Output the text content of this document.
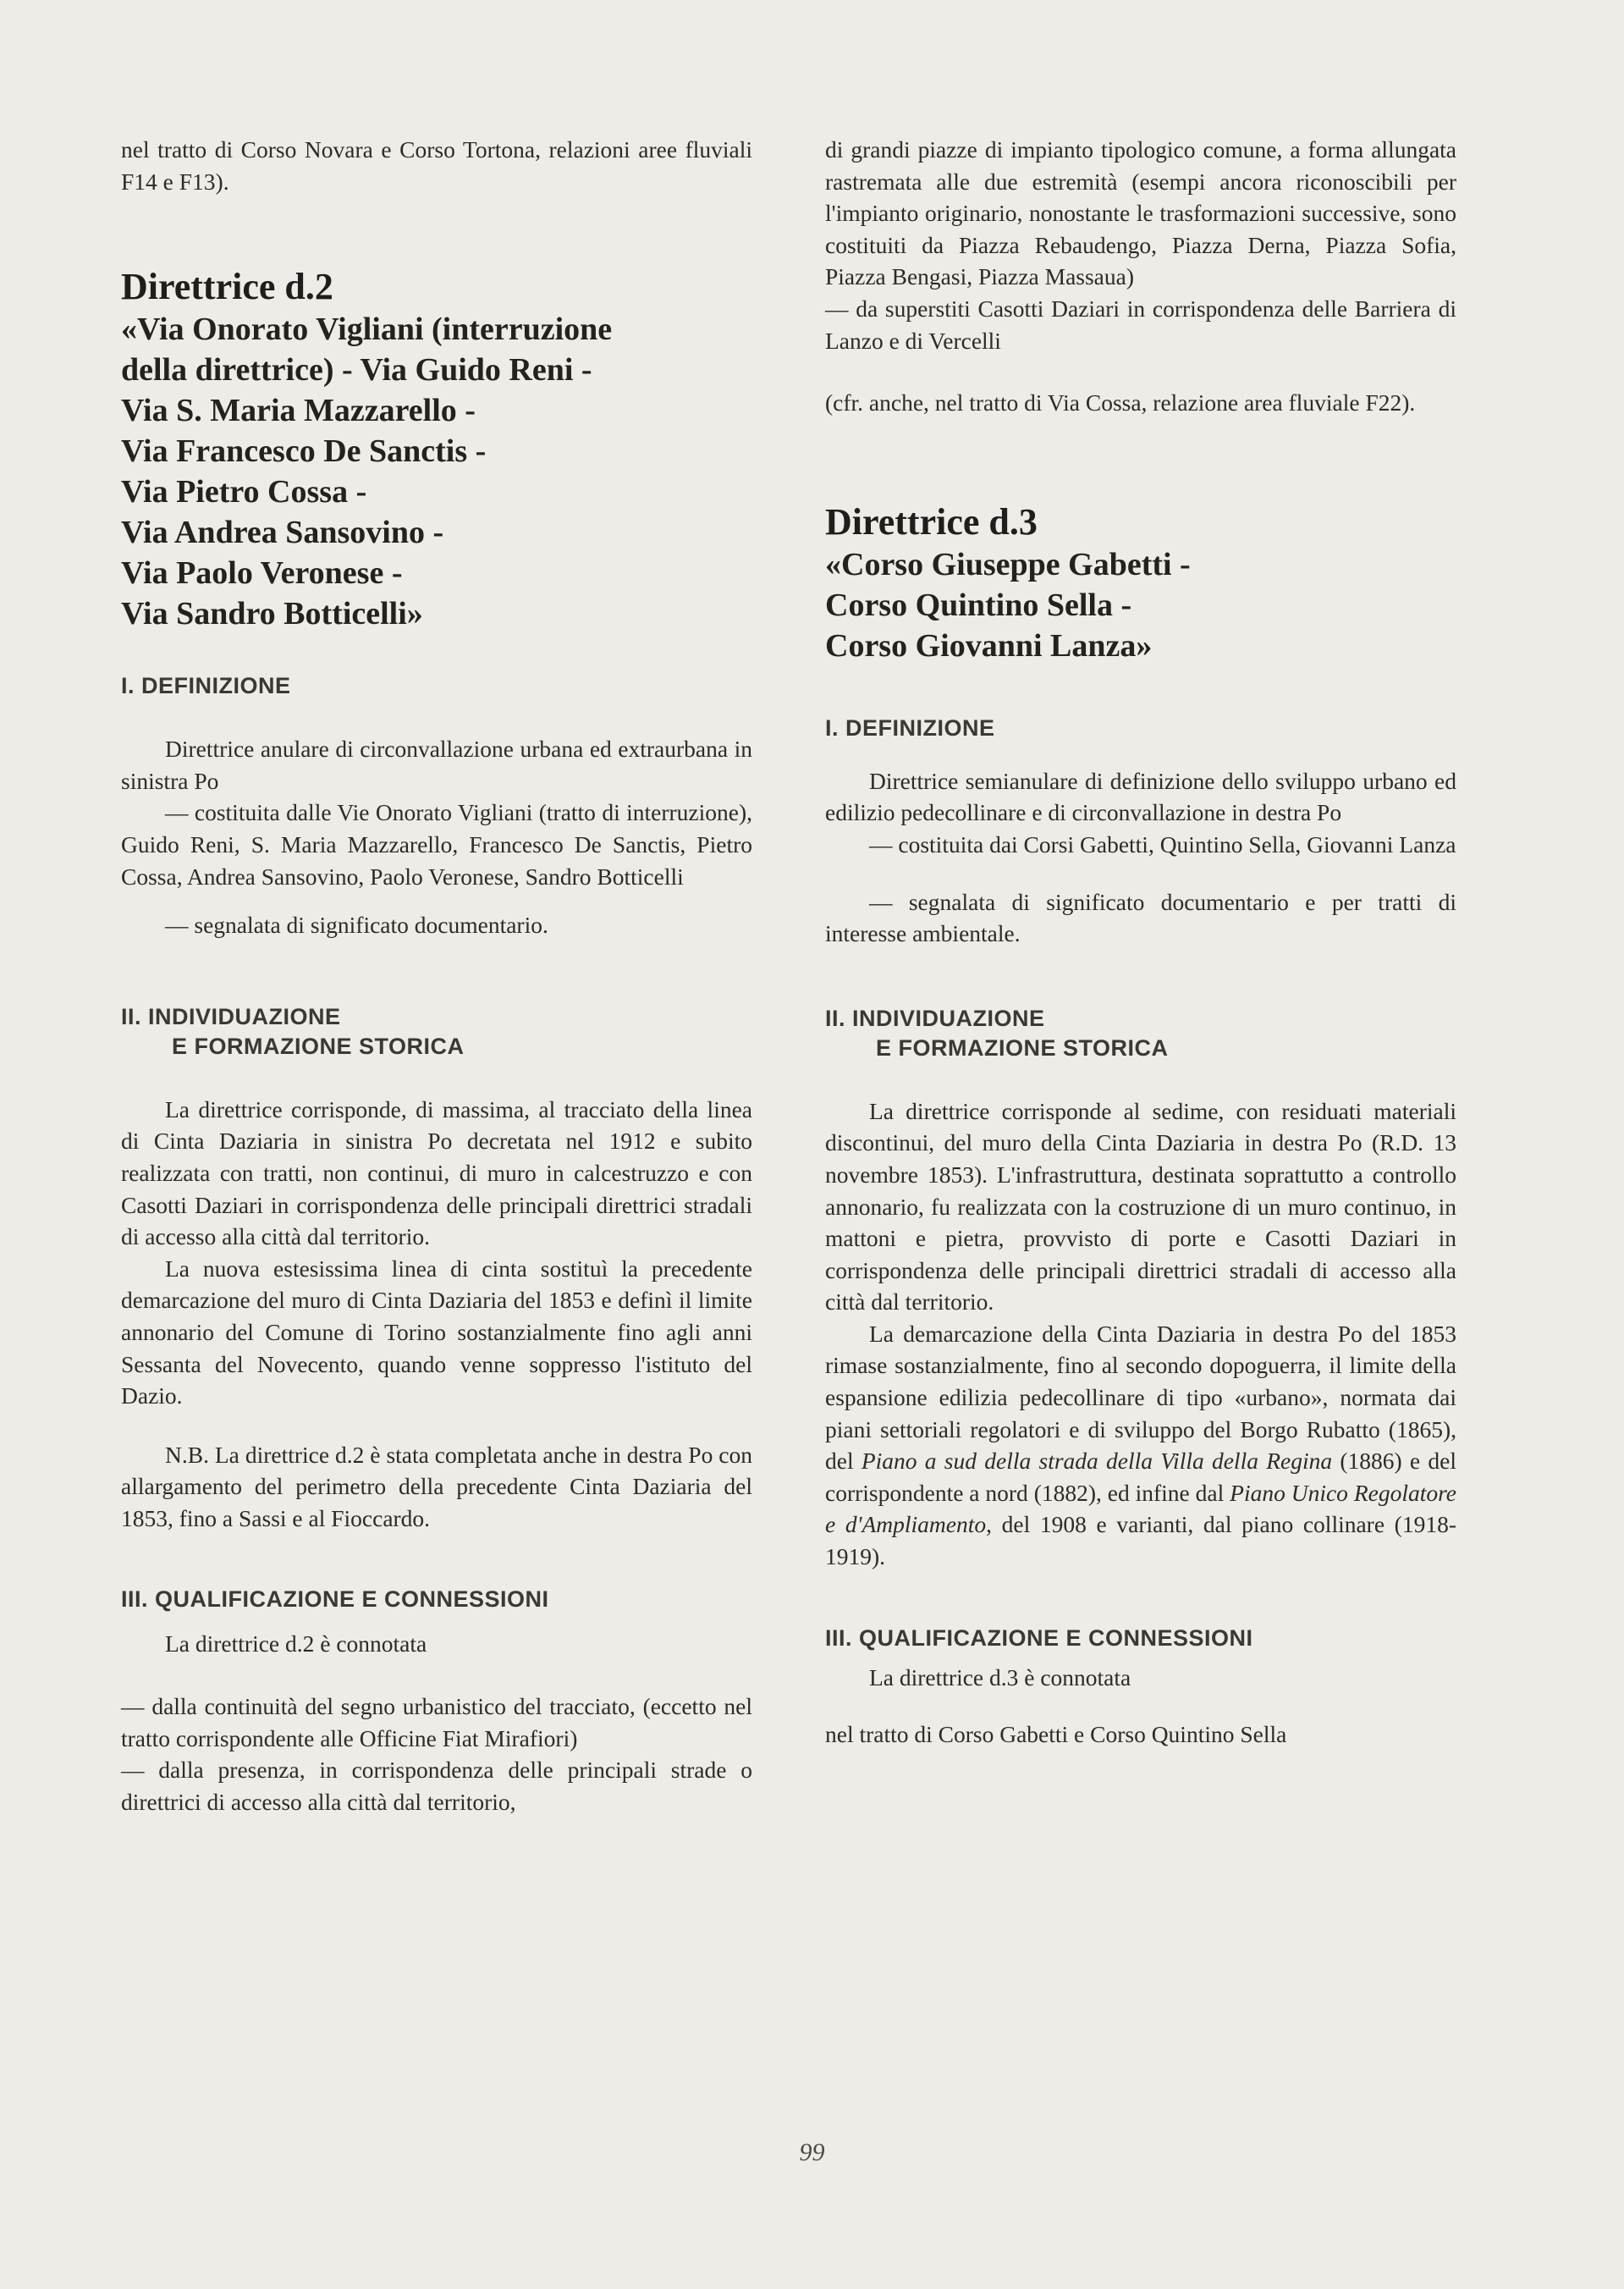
nel tratto di Corso Novara e Corso Tortona, relazioni aree fluviali F14 e F13).

Direttrice d.2
«Via Onorato Vigliani (interruzione
della direttrice) - Via Guido Reni -
Via S. Maria Mazzarello -
Via Francesco De Sanctis -
Via Pietro Cossa -
Via Andrea Sansovino -
Via Paolo Veronese -
Via Sandro Botticelli»
I. DEFINIZIONE

Direttrice anulare di circonvallazione urbana ed extraurbana in sinistra Po

— costituita dalle Vie Onorato Vigliani (tratto di interruzione), Guido Reni, S. Maria Mazzarello, Francesco De Sanctis, Pietro Cossa, Andrea Sansovino, Paolo Veronese, Sandro Botticelli

— segnalata di significato documentario.

II. INDIVIDUAZIONE
E FORMAZIONE STORICA

La direttrice corrisponde, di massima, al tracciato della linea di Cinta Daziaria in sinistra Po decretata nel 1912 e subito realizzata con tratti, non continui, di muro in calcestruzzo e con Casotti Daziari in corrispondenza delle principali direttrici stradali di accesso alla città dal territorio.

La nuova estesissima linea di cinta sostituì la precedente demarcazione del muro di Cinta Daziaria del 1853 e definì il limite annonario del Comune di Torino sostanzialmente fino agli anni Sessanta del Novecento, quando venne soppresso l'istituto del Dazio.

N.B. La direttrice d.2 è stata completata anche in destra Po con allargamento del perimetro della precedente Cinta Daziaria del 1853, fino a Sassi e al Fioccardo.

III. QUALIFICAZIONE E CONNESSIONI

La direttrice d.2 è connotata

— dalla continuità del segno urbanistico del tracciato, (eccetto nel tratto corrispondente alle Officine Fiat Mirafiori)

— dalla presenza, in corrispondenza delle principali strade o direttrici di accesso alla città dal territorio,

di grandi piazze di impianto tipologico comune, a forma allungata rastremata alle due estremità (esempi ancora riconoscibili per l'impianto originario, nonostante le trasformazioni successive, sono costituiti da Piazza Rebaudengo, Piazza Derna, Piazza Sofia, Piazza Bengasi, Piazza Massaua)

— da superstiti Casotti Daziari in corrispondenza delle Barriera di Lanzo e di Vercelli

(cfr. anche, nel tratto di Via Cossa, relazione area fluviale F22).

Direttrice d.3
«Corso Giuseppe Gabetti -
Corso Quintino Sella -
Corso Giovanni Lanza»
I. DEFINIZIONE

Direttrice semianulare di definizione dello sviluppo urbano ed edilizio pedecollinare e di circonvallazione in destra Po

— costituita dai Corsi Gabetti, Quintino Sella, Giovanni Lanza

— segnalata di significato documentario e per tratti di interesse ambientale.

II. INDIVIDUAZIONE
E FORMAZIONE STORICA

La direttrice corrisponde al sedime, con residuati materiali discontinui, del muro della Cinta Daziaria in destra Po (R.D. 13 novembre 1853). L'infrastruttura, destinata soprattutto a controllo annonario, fu realizzata con la costruzione di un muro continuo, in mattoni e pietra, provvisto di porte e Casotti Daziari in corrispondenza delle principali direttrici stradali di accesso alla città dal territorio.

La demarcazione della Cinta Daziaria in destra Po del 1853 rimase sostanzialmente, fino al secondo dopoguerra, il limite della espansione edilizia pedecollinare di tipo «urbano», normata dai piani settoriali regolatori e di sviluppo del Borgo Rubatto (1865), del Piano a sud della strada della Villa della Regina (1886) e del corrispondente a nord (1882), ed infine dal Piano Unico Regolatore e d'Ampliamento, del 1908 e varianti, dal piano collinare (1918-1919).

III. QUALIFICAZIONE E CONNESSIONI

La direttrice d.3 è connotata

nel tratto di Corso Gabetti e Corso Quintino Sella

99
